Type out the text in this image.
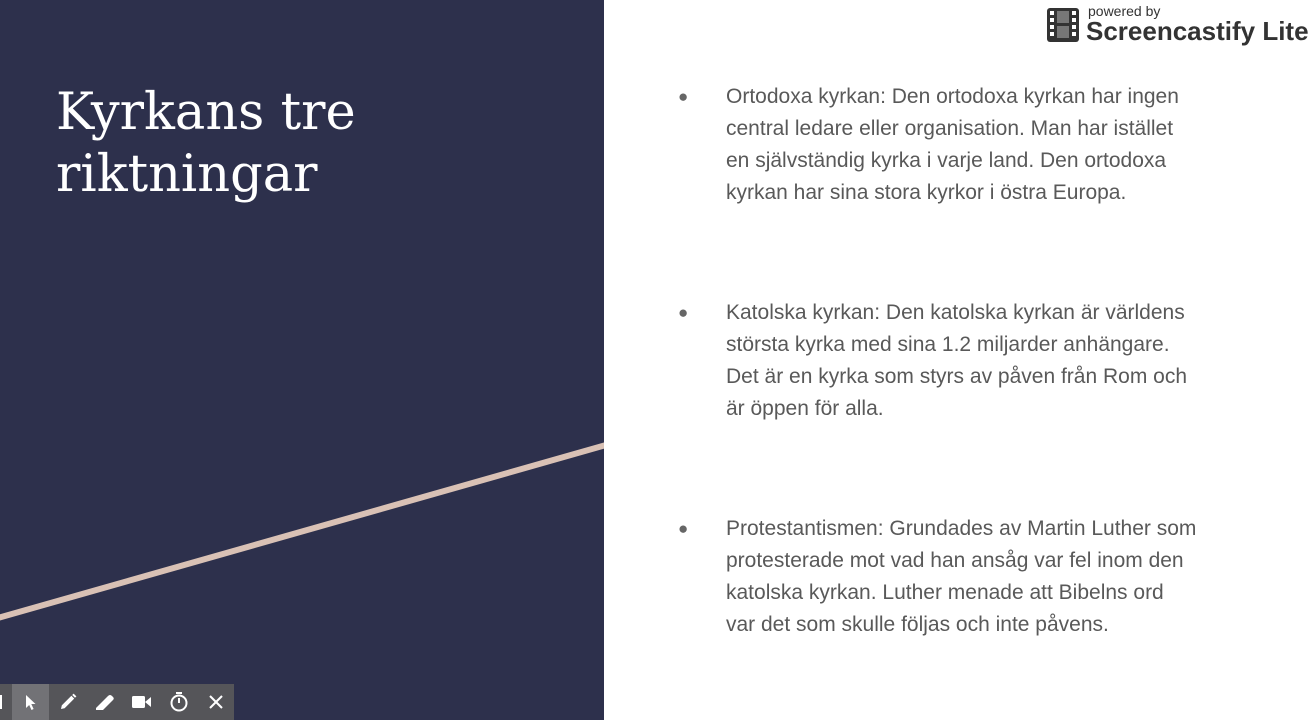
Kyrkans tre riktningar
●	Ortodoxa kyrkan: Den ortodoxa kyrkan har ingen central ledare eller organisation. Man har istället en självständig kyrka i varje land. Den ortodoxa kyrkan har sina stora kyrkor i östra Europa.
●	Katolska kyrkan: Den katolska kyrkan är världens största kyrka med sina 1.2 miljarder anhängare. Det är en kyrka som styrs av påven från Rom och är öppen för alla.
●	Protestantismen: Grundades av Martin Luther som protesterade mot vad han ansåg var fel inom den katolska kyrkan. Luther menade att Bibelns ord var det som skulle följas och inte påvens.
powered by
Screencastify Lite
